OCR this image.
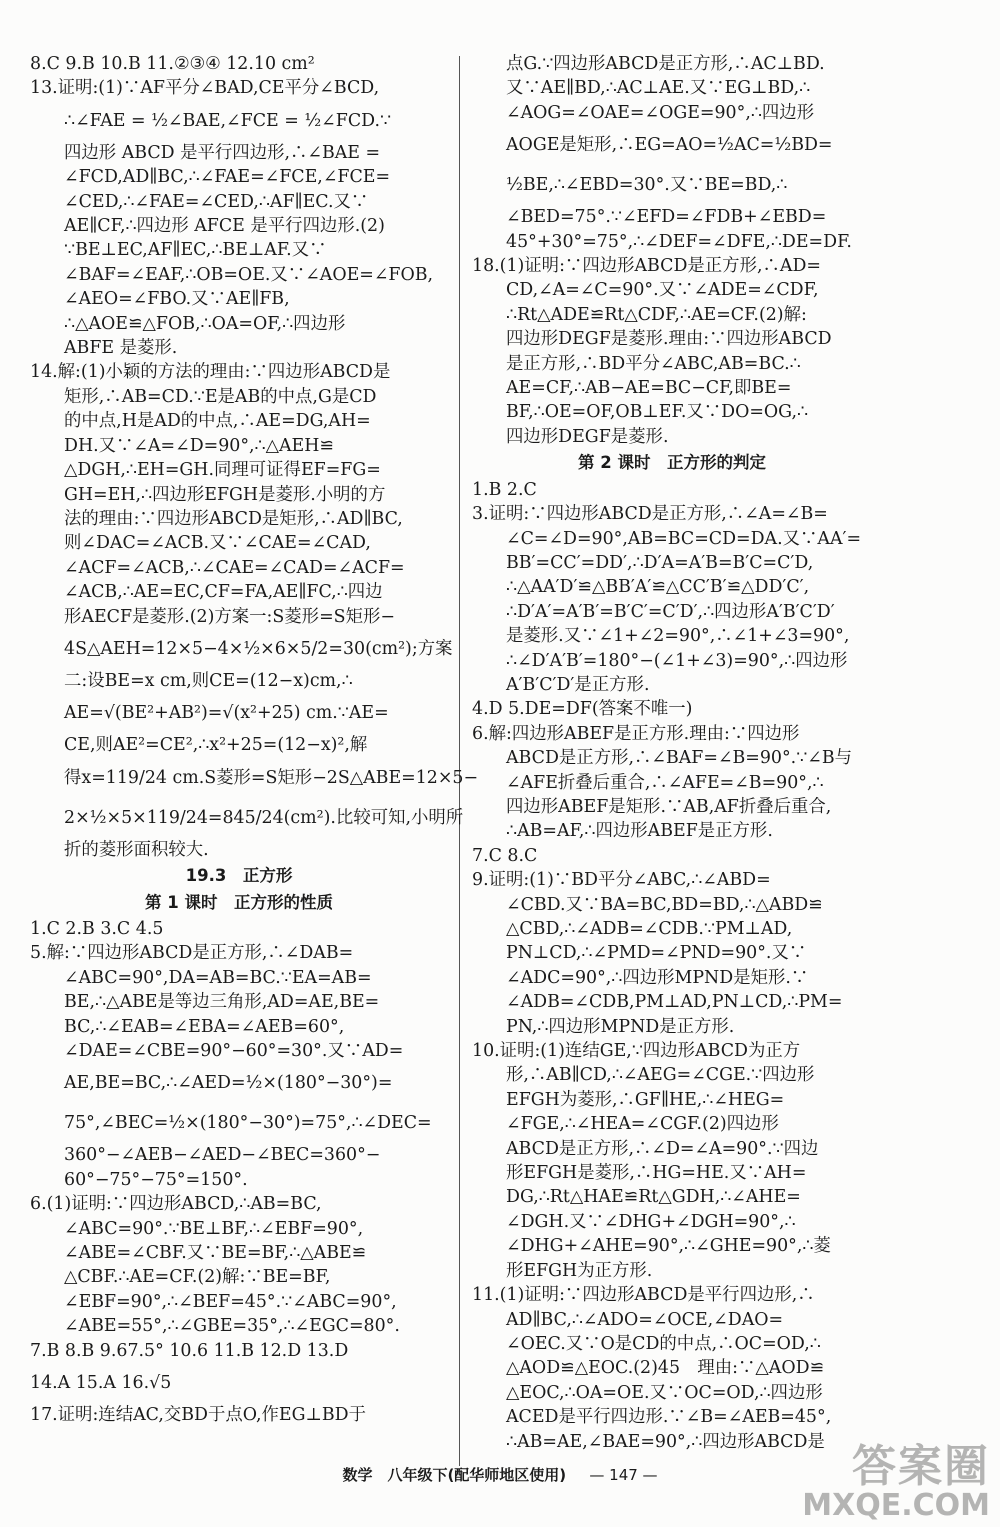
8.C 9.B 10.B 11.②③④ 12.10 cm²
13.证明:(1)∵AF平分∠BAD,CE平分∠BCD,
∴∠FAE = ½∠BAE,∠FCE = ½∠FCD.∵
四边形 ABCD 是平行四边形,∴∠BAE =
∠FCD,AD∥BC,∴∠FAE=∠FCE,∠FCE=
∠CED,∴∠FAE=∠CED,∴AF∥EC.又∵
AE∥CF,∴四边形 AFCE 是平行四边形.(2)
∵BE⊥EC,AF∥EC,∴BE⊥AF.又∵
∠BAF=∠EAF,∴OB=OE.又∵∠AOE=∠FOB,
∠AEO=∠FBO.又∵AE∥FB,
∴△AOE≌△FOB,∴OA=OF,∴四边形
ABFE 是菱形.
14.解:(1)小颖的方法的理由:∵四边形ABCD是
矩形,∴AB=CD.∵E是AB的中点,G是CD
的中点,H是AD的中点,∴AE=DG,AH=
DH.又∵∠A=∠D=90°,∴△AEH≌
△DGH,∴EH=GH.同理可证得EF=FG=
GH=EH,∴四边形EFGH是菱形.小明的方
法的理由:∵四边形ABCD是矩形,∴AD∥BC,
则∠DAC=∠ACB.又∵∠CAE=∠CAD,
∠ACF=∠ACB,∴∠CAE=∠CAD=∠ACF=
∠ACB,∴AE=EC,CF=FA,AE∥FC,∴四边
形AECF是菱形.(2)方案一:S菱形=S矩形−
4S△AEH=12×5−4×½×6×5/2=30(cm²);方案
二:设BE=x cm,则CE=(12−x)cm,∴
AE=√(BE²+AB²)=√(x²+25) cm.∵AE=
CE,则AE²=CE²,∴x²+25=(12−x)²,解
得x=119/24 cm.S菱形=S矩形−2S△ABE=12×5−
2×½×5×119/24=845/24(cm²).比较可知,小明所
折的菱形面积较大.
19.3　正方形
第 1 课时　正方形的性质
1.C 2.B 3.C 4.5
5.解:∵四边形ABCD是正方形,∴∠DAB=
∠ABC=90°,DA=AB=BC.∵EA=AB=
BE,∴△ABE是等边三角形,AD=AE,BE=
BC,∴∠EAB=∠EBA=∠AEB=60°,
∠DAE=∠CBE=90°−60°=30°.又∵AD=
AE,BE=BC,∴∠AED=½×(180°−30°)=
75°,∠BEC=½×(180°−30°)=75°,∴∠DEC=
360°−∠AEB−∠AED−∠BEC=360°−
60°−75°−75°=150°.
6.(1)证明:∵四边形ABCD,∴AB=BC,
∠ABC=90°.∵BE⊥BF,∴∠EBF=90°,
∠ABE=∠CBF.又∵BE=BF,∴△ABE≌
△CBF.∴AE=CF.(2)解:∵BE=BF,
∠EBF=90°,∴∠BEF=45°.∵∠ABC=90°,
∠ABE=55°,∴∠GBE=35°,∴∠EGC=80°.
7.B 8.B 9.67.5° 10.6 11.B 12.D 13.D
14.A 15.A 16.√5
17.证明:连结AC,交BD于点O,作EG⊥BD于
点G.∵四边形ABCD是正方形,∴AC⊥BD.
又∵AE∥BD,∴AC⊥AE.又∵EG⊥BD,∴
∠AOG=∠OAE=∠OGE=90°,∴四边形
AOGE是矩形,∴EG=AO=½AC=½BD=
½BE,∴∠EBD=30°.又∵BE=BD,∴
∠BED=75°.∵∠EFD=∠FDB+∠EBD=
45°+30°=75°,∴∠DEF=∠DFE,∴DE=DF.
18.(1)证明:∵四边形ABCD是正方形,∴AD=
CD,∠A=∠C=90°.又∵∠ADE=∠CDF,
∴Rt△ADE≌Rt△CDF,∴AE=CF.(2)解:
四边形DEGF是菱形.理由:∵四边形ABCD
是正方形,∴BD平分∠ABC,AB=BC.∴
AE=CF,∴AB−AE=BC−CF,即BE=
BF,∴OE=OF,OB⊥EF.又∵DO=OG,∴
四边形DEGF是菱形.
第 2 课时　正方形的判定
1.B 2.C
3.证明:∵四边形ABCD是正方形,∴∠A=∠B=
∠C=∠D=90°,AB=BC=CD=DA.又∵AA′=
BB′=CC′=DD′,∴D′A=A′B=B′C=C′D,
∴△AA′D′≌△BB′A′≌△CC′B′≌△DD′C′,
∴D′A′=A′B′=B′C′=C′D′,∴四边形A′B′C′D′
是菱形.又∵∠1+∠2=90°,∴∠1+∠3=90°,
∴∠D′A′B′=180°−(∠1+∠3)=90°,∴四边形
A′B′C′D′是正方形.
4.D 5.DE=DF(答案不唯一)
6.解:四边形ABEF是正方形.理由:∵四边形
ABCD是正方形,∴∠BAF=∠B=90°.∵∠B与
∠AFE折叠后重合,∴∠AFE=∠B=90°,∴
四边形ABEF是矩形.∵AB,AF折叠后重合,
∴AB=AF,∴四边形ABEF是正方形.
7.C 8.C
9.证明:(1)∵BD平分∠ABC,∴∠ABD=
∠CBD.又∵BA=BC,BD=BD,∴△ABD≌
△CBD,∴∠ADB=∠CDB.∵PM⊥AD,
PN⊥CD,∴∠PMD=∠PND=90°.又∵
∠ADC=90°,∴四边形MPND是矩形.∵
∠ADB=∠CDB,PM⊥AD,PN⊥CD,∴PM=
PN,∴四边形MPND是正方形.
10.证明:(1)连结GE,∵四边形ABCD为正方
形,∴AB∥CD,∴∠AEG=∠CGE.∵四边形
EFGH为菱形,∴GF∥HE,∴∠HEG=
∠FGE,∴∠HEA=∠CGF.(2)四边形
ABCD是正方形,∴∠D=∠A=90°.∵四边
形EFGH是菱形,∴HG=HE.又∵AH=
DG,∴Rt△HAE≌Rt△GDH,∴∠AHE=
∠DGH.又∵∠DHG+∠DGH=90°,∴
∠DHG+∠AHE=90°,∴∠GHE=90°,∴菱
形EFGH为正方形.
11.(1)证明:∵四边形ABCD是平行四边形,∴
AD∥BC,∴∠ADO=∠OCE,∠DAO=
∠OEC.又∵O是CD的中点,∴OC=OD,∴
△AOD≌△EOC.(2)45　理由:∵△AOD≌
△EOC,∴OA=OE.又∵OC=OD,∴四边形
ACED是平行四边形.∵∠B=∠AEB=45°,
∴AB=AE,∠BAE=90°,∴四边形ABCD是
数学　八年级下(配华师地区使用) — 147 —	答案圈
MXQE.COM
